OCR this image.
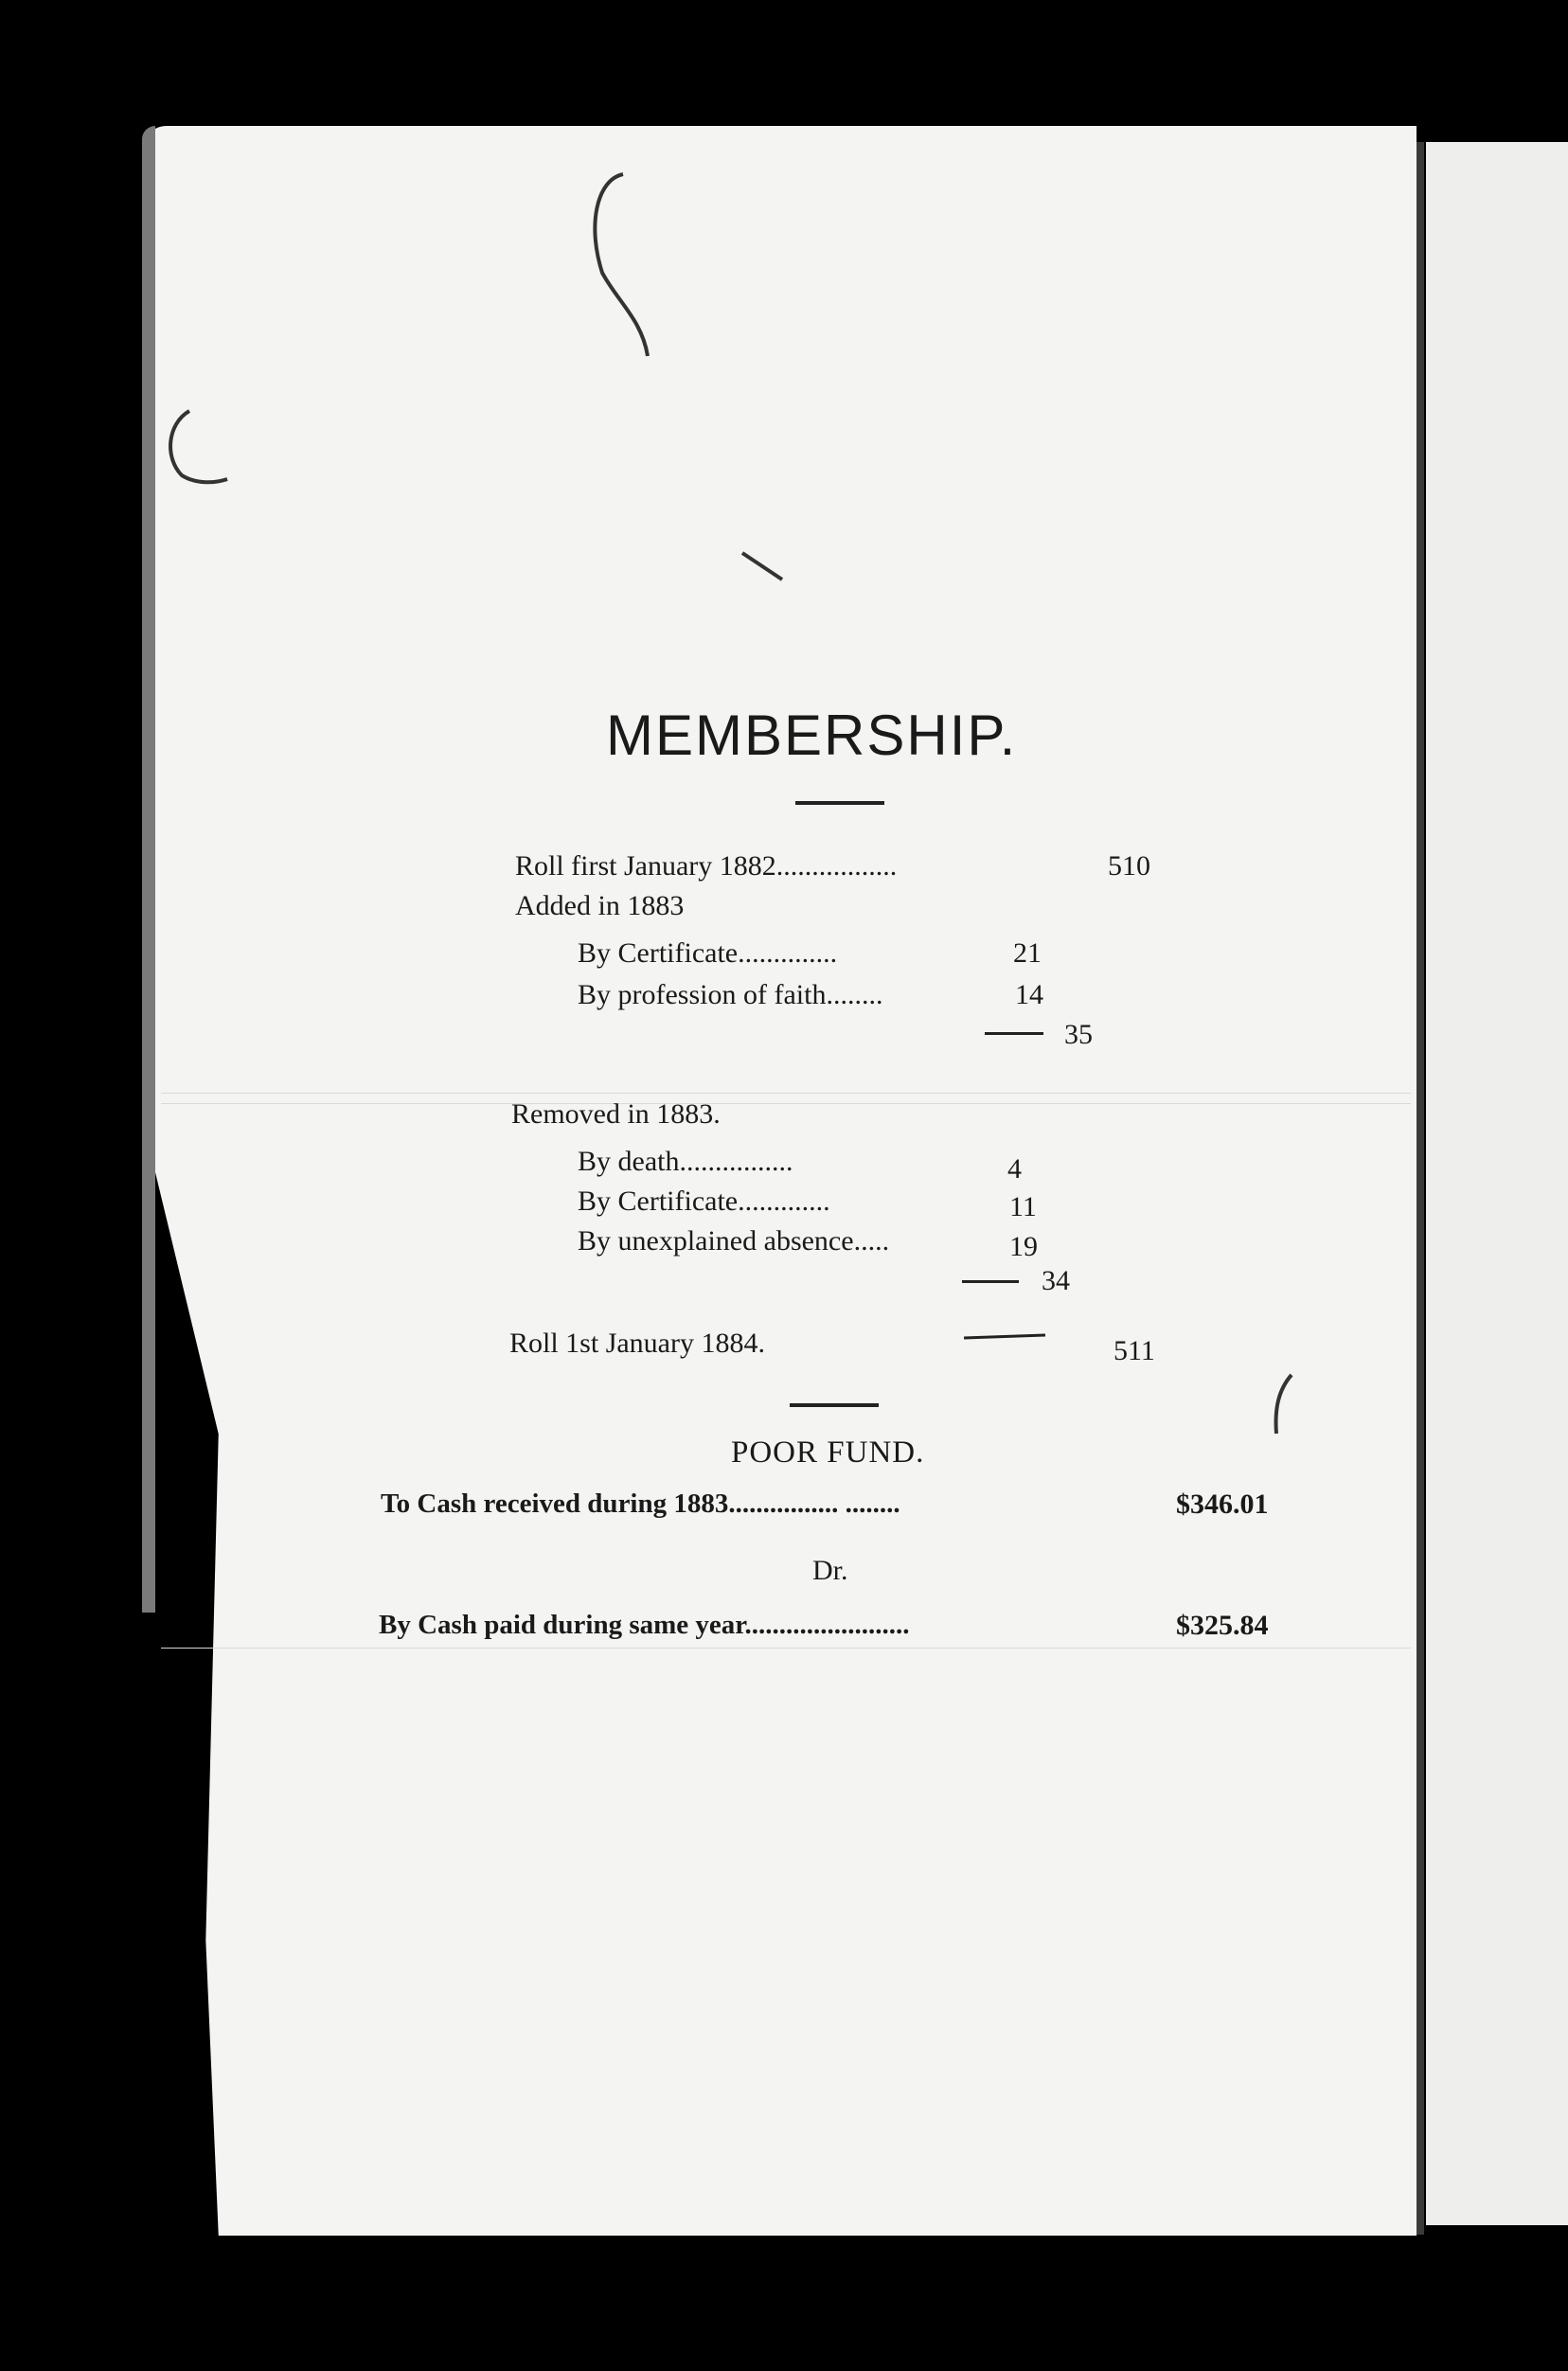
MEMBERSHIP.
Roll first January 1882.................	510
Added in 1883
By Certificate..............	21
By profession of faith........	14
35
Removed in 1883.
By death................	4
By Certificate.............	11
By unexplained absence.....	19
34
Roll 1st January 1884.	511
POOR FUND.
To Cash received during 1883................ ........	$346.01
Dr.
By Cash paid during same year........................	$325.84
